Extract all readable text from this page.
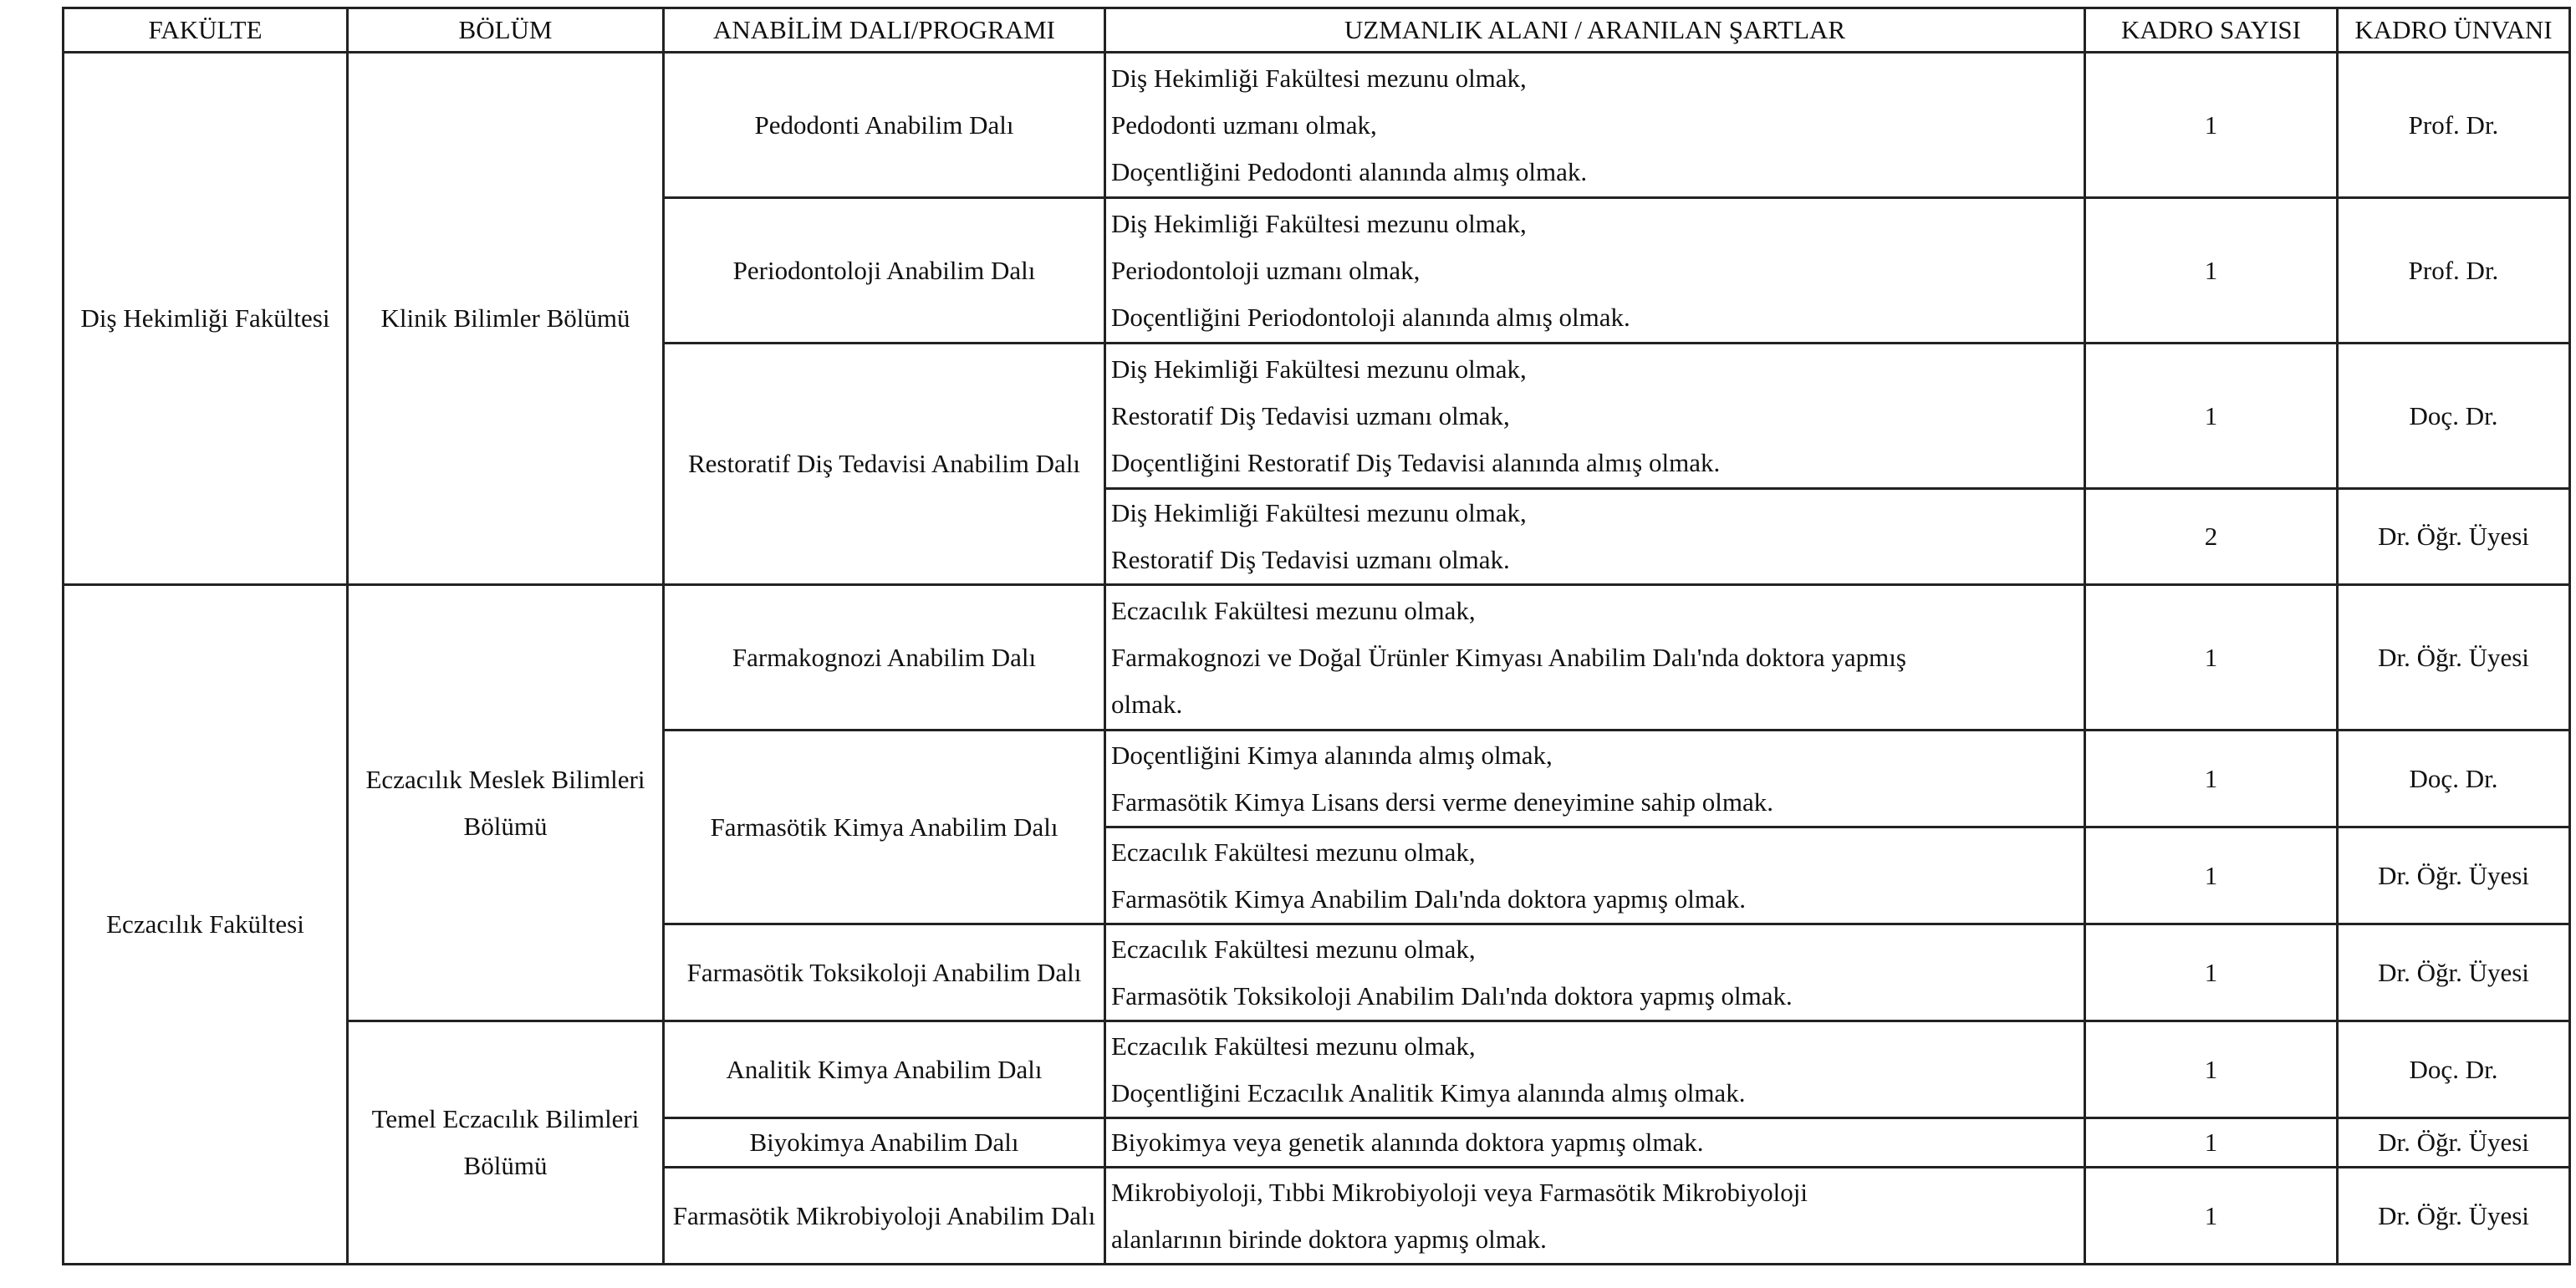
FAKÜLTE	BÖLÜM	ANABİLİM DALI/PROGRAMI	UZMANLIK ALANI / ARANILAN ŞARTLAR	KADRO SAYISI	KADRO ÜNVANI
Diş Hekimliği Fakültesi	Klinik Bilimler Bölümü	Pedodonti Anabilim Dalı	Diş Hekimliği Fakültesi mezunu olmak,
Pedodonti uzmanı olmak,
Doçentliğini Pedodonti alanında almış olmak.	1	Prof. Dr.
		Periodontoloji Anabilim Dalı	Diş Hekimliği Fakültesi mezunu olmak,
Periodontoloji uzmanı olmak,
Doçentliğini Periodontoloji alanında almış olmak.	1	Prof. Dr.
		Restoratif Diş Tedavisi Anabilim Dalı	Diş Hekimliği Fakültesi mezunu olmak,
Restoratif Diş Tedavisi uzmanı olmak,
Doçentliğini Restoratif Diş Tedavisi alanında almış olmak.	1	Doç. Dr.

			Diş Hekimliği Fakültesi mezunu olmak,
Restoratif Diş Tedavisi uzmanı olmak.	2	Dr. Öğr. Üyesi
Eczacılık Fakültesi	Eczacılık Meslek Bilimleri Bölümü	Farmakognozi Anabilim Dalı	Eczacılık Fakültesi mezunu olmak,
Farmakognozi ve Doğal Ürünler Kimyası Anabilim Dalı'nda doktora yapmış
olmak.	1	Dr. Öğr. Üyesi
		Farmasötik Kimya Anabilim Dalı	Doçentliğini Kimya alanında almış olmak,
Farmasötik Kimya Lisans dersi verme deneyimine sahip olmak.	1	Doç. Dr.

			Eczacılık Fakültesi mezunu olmak,
Farmasötik Kimya Anabilim Dalı'nda doktora yapmış olmak.	1	Dr. Öğr. Üyesi
		Farmasötik Toksikoloji Anabilim Dalı	Eczacılık Fakültesi mezunu olmak,
Farmasötik Toksikoloji Anabilim Dalı'nda doktora yapmış olmak.	1	Dr. Öğr. Üyesi
	Temel Eczacılık Bilimleri Bölümü	Analitik Kimya Anabilim Dalı	Eczacılık Fakültesi mezunu olmak,
Doçentliğini Eczacılık Analitik Kimya alanında almış olmak.	1	Doç. Dr.
		Biyokimya Anabilim Dalı	Biyokimya veya genetik alanında doktora yapmış olmak.	1	Dr. Öğr. Üyesi
		Farmasötik Mikrobiyoloji Anabilim Dalı	Mikrobiyoloji, Tıbbi Mikrobiyoloji veya Farmasötik Mikrobiyoloji
alanlarının birinde doktora yapmış olmak.	1	Dr. Öğr. Üyesi
